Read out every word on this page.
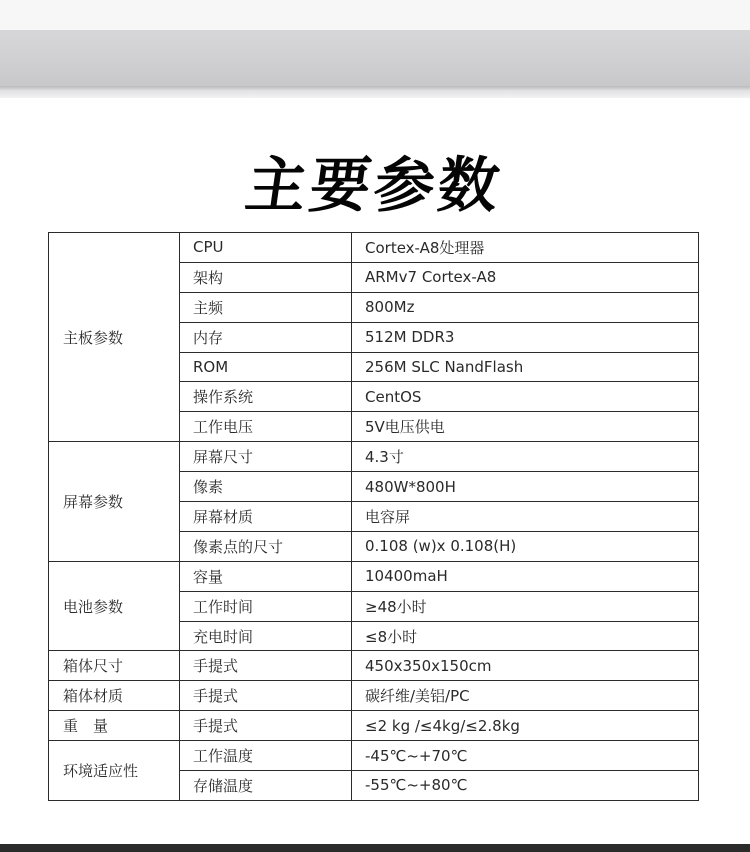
主要参数
主板参数	CPU	Cortex-A8处理器
	架构	ARMv7 Cortex-A8
	主频	800Mz
	内存	512M DDR3
	ROM	256M SLC NandFlash
	操作系统	CentOS
	工作电压	5V电压供电
屏幕参数	屏幕尺寸	4.3寸
	像素	480W*800H
	屏幕材质	电容屏
	像素点的尺寸	0.108 (w)x 0.108(H)
电池参数	容量	10400maH
	工作时间	≥48小时
	充电时间	≤8小时
箱体尺寸	手提式	450x350x150cm
箱体材质	手提式	碳纤维/美铝/PC
重　量	手提式	≤2 kg /≤4kg/≤2.8kg
环境适应性	工作温度	-45℃~+70℃
	存储温度	-55℃~+80℃
